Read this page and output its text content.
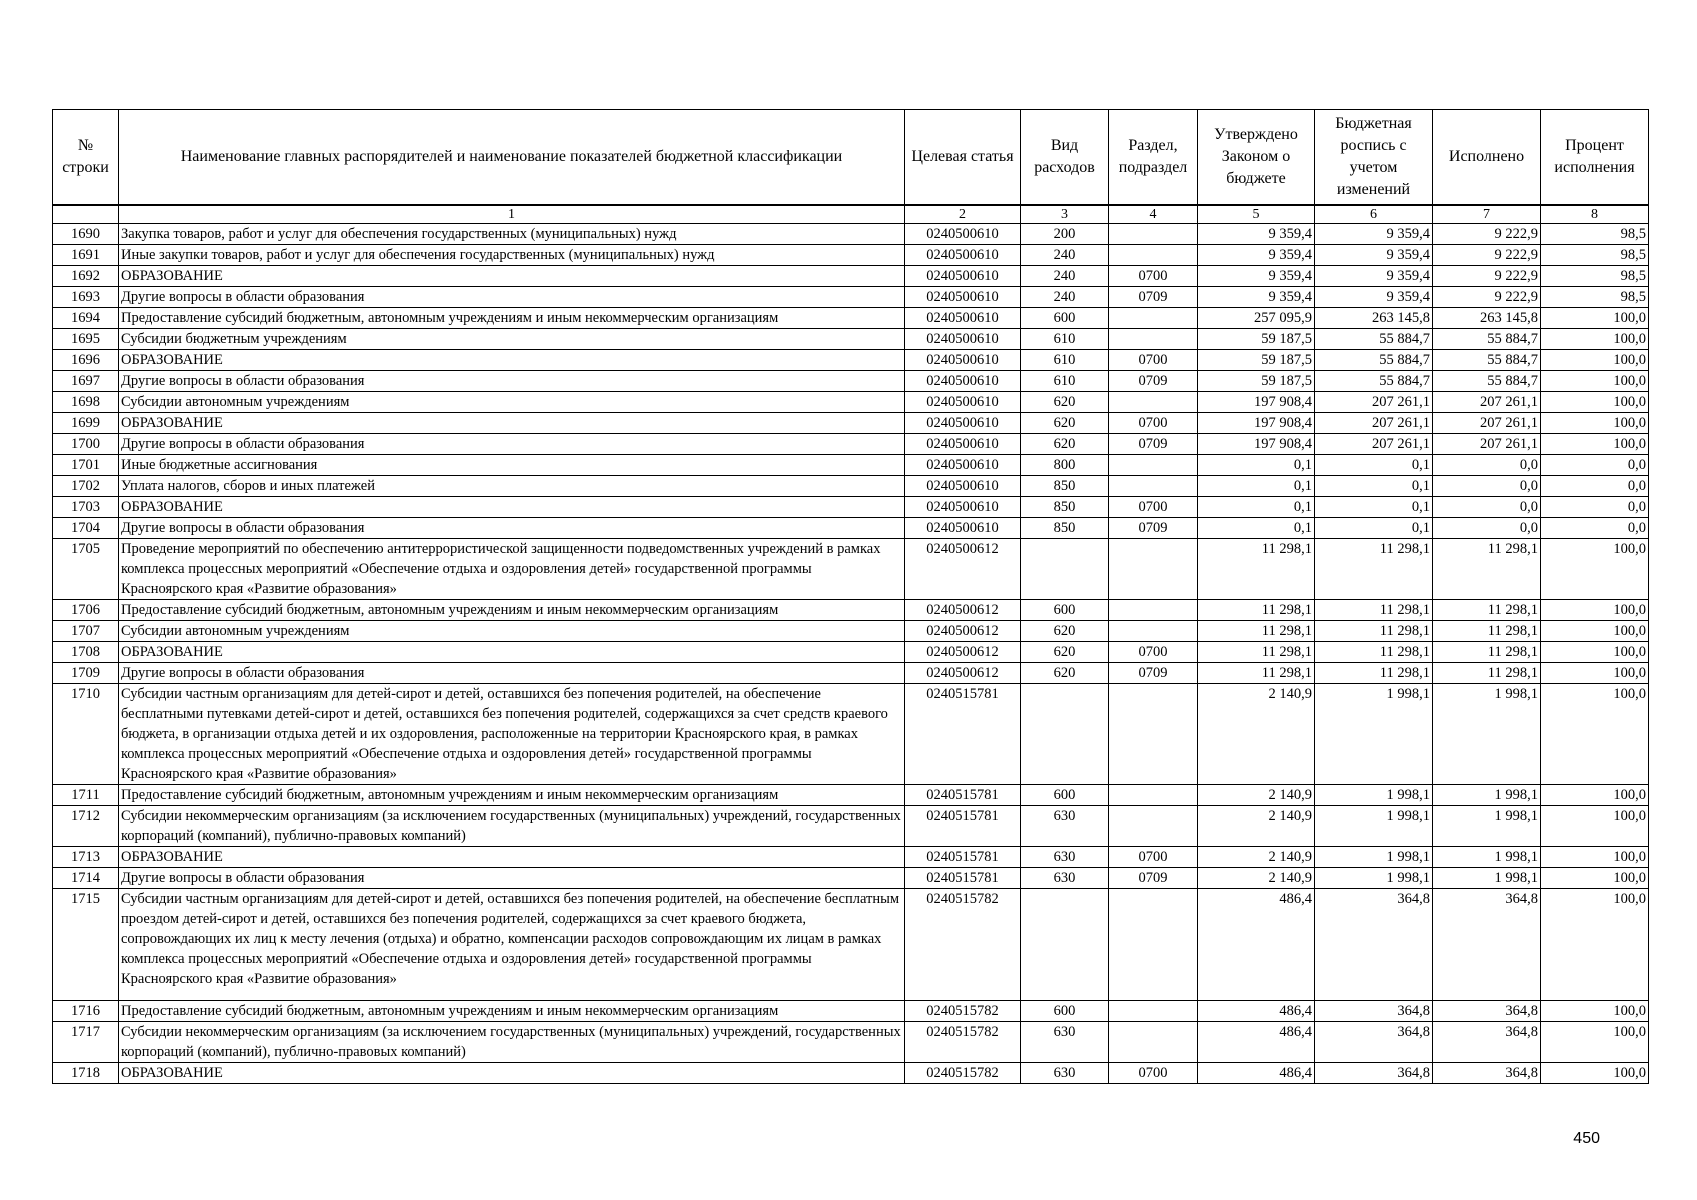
№ строки	Наименование главных распорядителей и наименование показателей бюджетной классификации	Целевая статья	Вид расходов	Раздел, подраздел	Утверждено Законом о бюджете	Бюджетная роспись с учетом изменений	Исполнено	Процент исполнения
	1	2	3	4	5	6	7	8
1690	Закупка товаров, работ и услуг для обеспечения государственных (муниципальных) нужд	0240500610	200		9 359,4	9 359,4	9 222,9	98,5
1691	Иные закупки товаров, работ и услуг для обеспечения государственных (муниципальных) нужд	0240500610	240		9 359,4	9 359,4	9 222,9	98,5
1692	ОБРАЗОВАНИЕ	0240500610	240	0700	9 359,4	9 359,4	9 222,9	98,5
1693	Другие вопросы в области образования	0240500610	240	0709	9 359,4	9 359,4	9 222,9	98,5
1694	Предоставление субсидий бюджетным, автономным учреждениям и иным некоммерческим организациям	0240500610	600		257 095,9	263 145,8	263 145,8	100,0
1695	Субсидии бюджетным учреждениям	0240500610	610		59 187,5	55 884,7	55 884,7	100,0
1696	ОБРАЗОВАНИЕ	0240500610	610	0700	59 187,5	55 884,7	55 884,7	100,0
1697	Другие вопросы в области образования	0240500610	610	0709	59 187,5	55 884,7	55 884,7	100,0
1698	Субсидии автономным учреждениям	0240500610	620		197 908,4	207 261,1	207 261,1	100,0
1699	ОБРАЗОВАНИЕ	0240500610	620	0700	197 908,4	207 261,1	207 261,1	100,0
1700	Другие вопросы в области образования	0240500610	620	0709	197 908,4	207 261,1	207 261,1	100,0
1701	Иные бюджетные ассигнования	0240500610	800		0,1	0,1	0,0	0,0
1702	Уплата налогов, сборов и иных платежей	0240500610	850		0,1	0,1	0,0	0,0
1703	ОБРАЗОВАНИЕ	0240500610	850	0700	0,1	0,1	0,0	0,0
1704	Другие вопросы в области образования	0240500610	850	0709	0,1	0,1	0,0	0,0
1705	Проведение мероприятий по обеспечению антитеррористической защищенности подведомственных учреждений в рамках комплекса процессных мероприятий «Обеспечение отдыха и оздоровления детей» государственной программы Красноярского края «Развитие образования»	0240500612			11 298,1	11 298,1	11 298,1	100,0
1706	Предоставление субсидий бюджетным, автономным учреждениям и иным некоммерческим организациям	0240500612	600		11 298,1	11 298,1	11 298,1	100,0
1707	Субсидии автономным учреждениям	0240500612	620		11 298,1	11 298,1	11 298,1	100,0
1708	ОБРАЗОВАНИЕ	0240500612	620	0700	11 298,1	11 298,1	11 298,1	100,0
1709	Другие вопросы в области образования	0240500612	620	0709	11 298,1	11 298,1	11 298,1	100,0
1710	Субсидии частным организациям для детей-сирот и детей, оставшихся без попечения родителей, на обеспечение бесплатными путевками детей-сирот и детей, оставшихся без попечения родителей, содержащихся за счет средств краевого бюджета, в организации отдыха детей и их оздоровления, расположенные на территории Красноярского края, в рамках комплекса процессных мероприятий «Обеспечение отдыха и оздоровления детей» государственной программы Красноярского края «Развитие образования»	0240515781			2 140,9	1 998,1	1 998,1	100,0
1711	Предоставление субсидий бюджетным, автономным учреждениям и иным некоммерческим организациям	0240515781	600		2 140,9	1 998,1	1 998,1	100,0
1712	Субсидии некоммерческим организациям (за исключением государственных (муниципальных) учреждений, государственных корпораций (компаний), публично-правовых компаний)	0240515781	630		2 140,9	1 998,1	1 998,1	100,0
1713	ОБРАЗОВАНИЕ	0240515781	630	0700	2 140,9	1 998,1	1 998,1	100,0
1714	Другие вопросы в области образования	0240515781	630	0709	2 140,9	1 998,1	1 998,1	100,0
1715	Субсидии частным организациям для детей-сирот и детей, оставшихся без попечения родителей, на обеспечение бесплатным проездом детей-сирот и детей, оставшихся без попечения родителей, содержащихся за счет краевого бюджета, сопровождающих их лиц к месту лечения (отдыха) и обратно, компенсации расходов сопровождающим их лицам в рамках комплекса процессных мероприятий «Обеспечение отдыха и оздоровления детей» государственной программы Красноярского края «Развитие образования»	0240515782			486,4	364,8	364,8	100,0
1716	Предоставление субсидий бюджетным, автономным учреждениям и иным некоммерческим организациям	0240515782	600		486,4	364,8	364,8	100,0
1717	Субсидии некоммерческим организациям (за исключением государственных (муниципальных) учреждений, государственных корпораций (компаний), публично-правовых компаний)	0240515782	630		486,4	364,8	364,8	100,0
1718	ОБРАЗОВАНИЕ	0240515782	630	0700	486,4	364,8	364,8	100,0
450
